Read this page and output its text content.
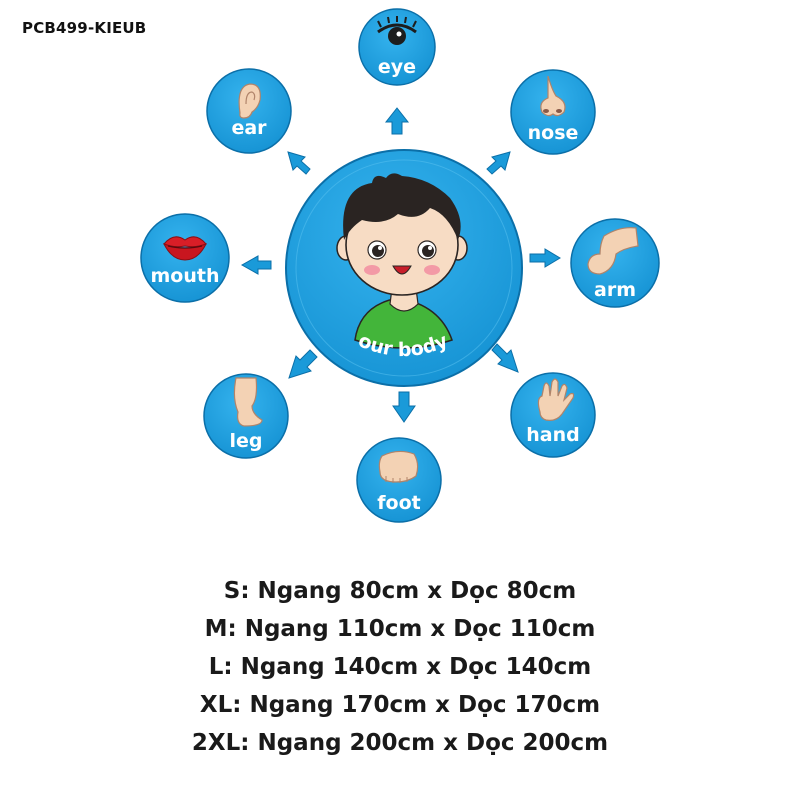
PCB499-KIEUB
our body
eye
ear	nose
mouth
arm
leg	hand
foot
S: Ngang 80cm x Dọc 80cm
M: Ngang 110cm x Dọc 110cm
L: Ngang 140cm x Dọc 140cm
XL: Ngang 170cm x Dọc 170cm
2XL: Ngang 200cm x Dọc 200cm
